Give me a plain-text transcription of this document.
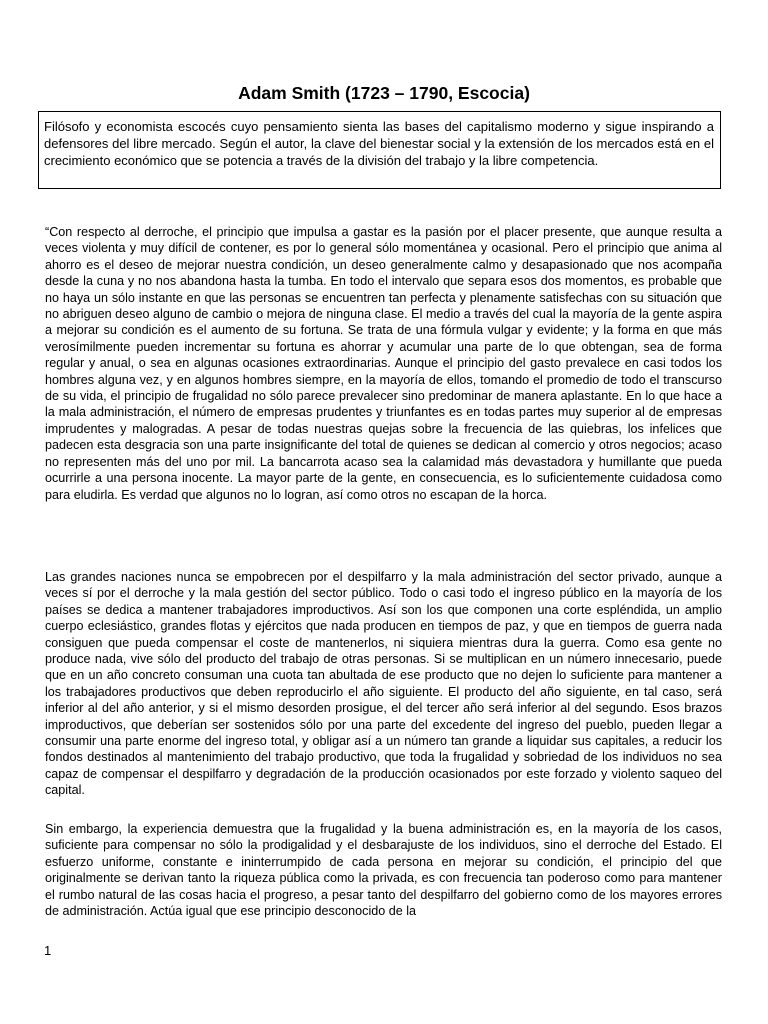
Adam Smith (1723 – 1790, Escocia)
Filósofo y economista escocés cuyo pensamiento sienta las bases del capitalismo moderno y sigue inspirando a defensores del libre mercado. Según el autor, la clave del bienestar social y la extensión de los mercados está en el crecimiento económico que se potencia a través de la división del trabajo y la libre competencia.

“Con respecto al derroche, el principio que impulsa a gastar es la pasión por el placer presente, que aunque resulta a veces violenta y muy difícil de contener, es por lo general sólo momentánea y ocasional. Pero el principio que anima al ahorro es el deseo de mejorar nuestra condición, un deseo generalmente calmo y desapasionado que nos acompaña desde la cuna y no nos abandona hasta la tumba. En todo el intervalo que separa esos dos momentos, es probable que no haya un sólo instante en que las personas se encuentren tan perfecta y plenamente satisfechas con su situación que no abriguen deseo alguno de cambio o mejora de ninguna clase. El medio a través del cual la mayoría de la gente aspira a mejorar su condición es el aumento de su fortuna. Se trata de una fórmula vulgar y evidente; y la forma en que más verosímilmente pueden incrementar su fortuna es ahorrar y acumular una parte de lo que obtengan, sea de forma regular y anual, o sea en algunas ocasiones extraordinarias. Aunque el principio del gasto prevalece en casi todos los hombres alguna vez, y en algunos hombres siempre, en la mayoría de ellos, tomando el promedio de todo el transcurso de su vida, el principio de frugalidad no sólo parece prevalecer sino predominar de manera aplastante. En lo que hace a la mala administración, el número de empresas prudentes y triunfantes es en todas partes muy superior al de empresas imprudentes y malogradas. A pesar de todas nuestras quejas sobre la frecuencia de las quiebras, los infelices que padecen esta desgracia son una parte insignificante del total de quienes se dedican al comercio y otros negocios; acaso no representen más del uno por mil. La bancarrota acaso sea la calamidad más devastadora y humillante que pueda ocurrirle a una persona inocente. La mayor parte de la gente, en consecuencia, es lo suficientemente cuidadosa como para eludirla. Es verdad que algunos no lo logran, así como otros no escapan de la horca.

Las grandes naciones nunca se empobrecen por el despilfarro y la mala administración del sector privado, aunque a veces sí por el derroche y la mala gestión del sector público. Todo o casi todo el ingreso público en la mayoría de los países se dedica a mantener trabajadores improductivos. Así son los que componen una corte espléndida, un amplio cuerpo eclesiástico, grandes flotas y ejércitos que nada producen en tiempos de paz, y que en tiempos de guerra nada consiguen que pueda compensar el coste de mantenerlos, ni siquiera mientras dura la guerra. Como esa gente no produce nada, vive sólo del producto del trabajo de otras personas. Si se multiplican en un número innecesario, puede que en un año concreto consuman una cuota tan abultada de ese producto que no dejen lo suficiente para mantener a los trabajadores productivos que deben reproducirlo el año siguiente. El producto del año siguiente, en tal caso, será inferior al del año anterior, y si el mismo desorden prosigue, el del tercer año será inferior al del segundo. Esos brazos improductivos, que deberían ser sostenidos sólo por una parte del excedente del ingreso del pueblo, pueden llegar a consumir una parte enorme del ingreso total, y obligar así a un número tan grande a liquidar sus capitales, a reducir los fondos destinados al mantenimiento del trabajo productivo, que toda la frugalidad y sobriedad de los individuos no sea capaz de compensar el despilfarro y degradación de la producción ocasionados por este forzado y violento saqueo del capital.

Sin embargo, la experiencia demuestra que la frugalidad y la buena administración es, en la mayoría de los casos, suficiente para compensar no sólo la prodigalidad y el desbarajuste de los individuos, sino el derroche del Estado. El esfuerzo uniforme, constante e ininterrumpido de cada persona en mejorar su condición, el principio del que originalmente se derivan tanto la riqueza pública como la privada, es con frecuencia tan poderoso como para mantener el rumbo natural de las cosas hacia el progreso, a pesar tanto del despilfarro del gobierno como de los mayores errores de administración. Actúa igual que ese principio desconocido de la

1
